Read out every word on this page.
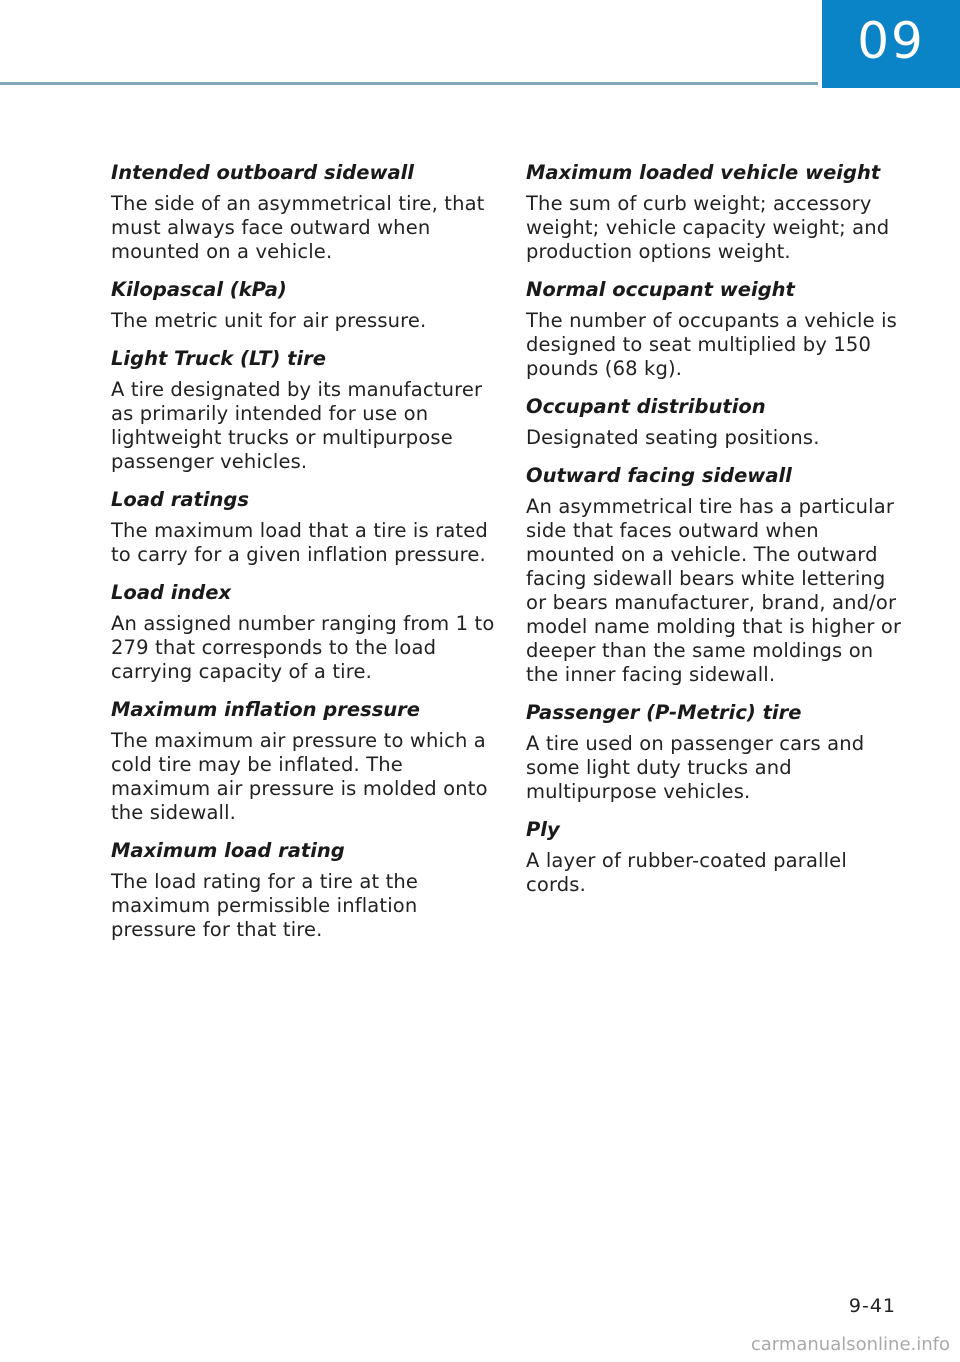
09

Intended outboard sidewall

The side of an asymmetrical tire, that must always face outward when mounted on a vehicle.

Kilopascal (kPa)

The metric unit for air pressure.

Light Truck (LT) tire

A tire designated by its manufacturer as primarily intended for use on lightweight trucks or multipurpose passenger vehicles.

Load ratings

The maximum load that a tire is rated to carry for a given inflation pressure.

Load index

An assigned number ranging from 1 to 279 that corresponds to the load carrying capacity of a tire.

Maximum inflation pressure

The maximum air pressure to which a cold tire may be inflated. The maximum air pressure is molded onto the sidewall.

Maximum load rating

The load rating for a tire at the maximum permissible inflation pressure for that tire.

Maximum loaded vehicle weight

The sum of curb weight; accessory weight; vehicle capacity weight; and production options weight.

Normal occupant weight

The number of occupants a vehicle is designed to seat multiplied by 150 pounds (68 kg).

Occupant distribution

Designated seating positions.

Outward facing sidewall

An asymmetrical tire has a particular side that faces outward when mounted on a vehicle. The outward facing sidewall bears white lettering or bears manufacturer, brand, and/or model name molding that is higher or deeper than the same moldings on the inner facing sidewall.

Passenger (P-Metric) tire

A tire used on passenger cars and some light duty trucks and multipurpose vehicles.

Ply

A layer of rubber-coated parallel cords.

9-41
carmanualsonline.info
